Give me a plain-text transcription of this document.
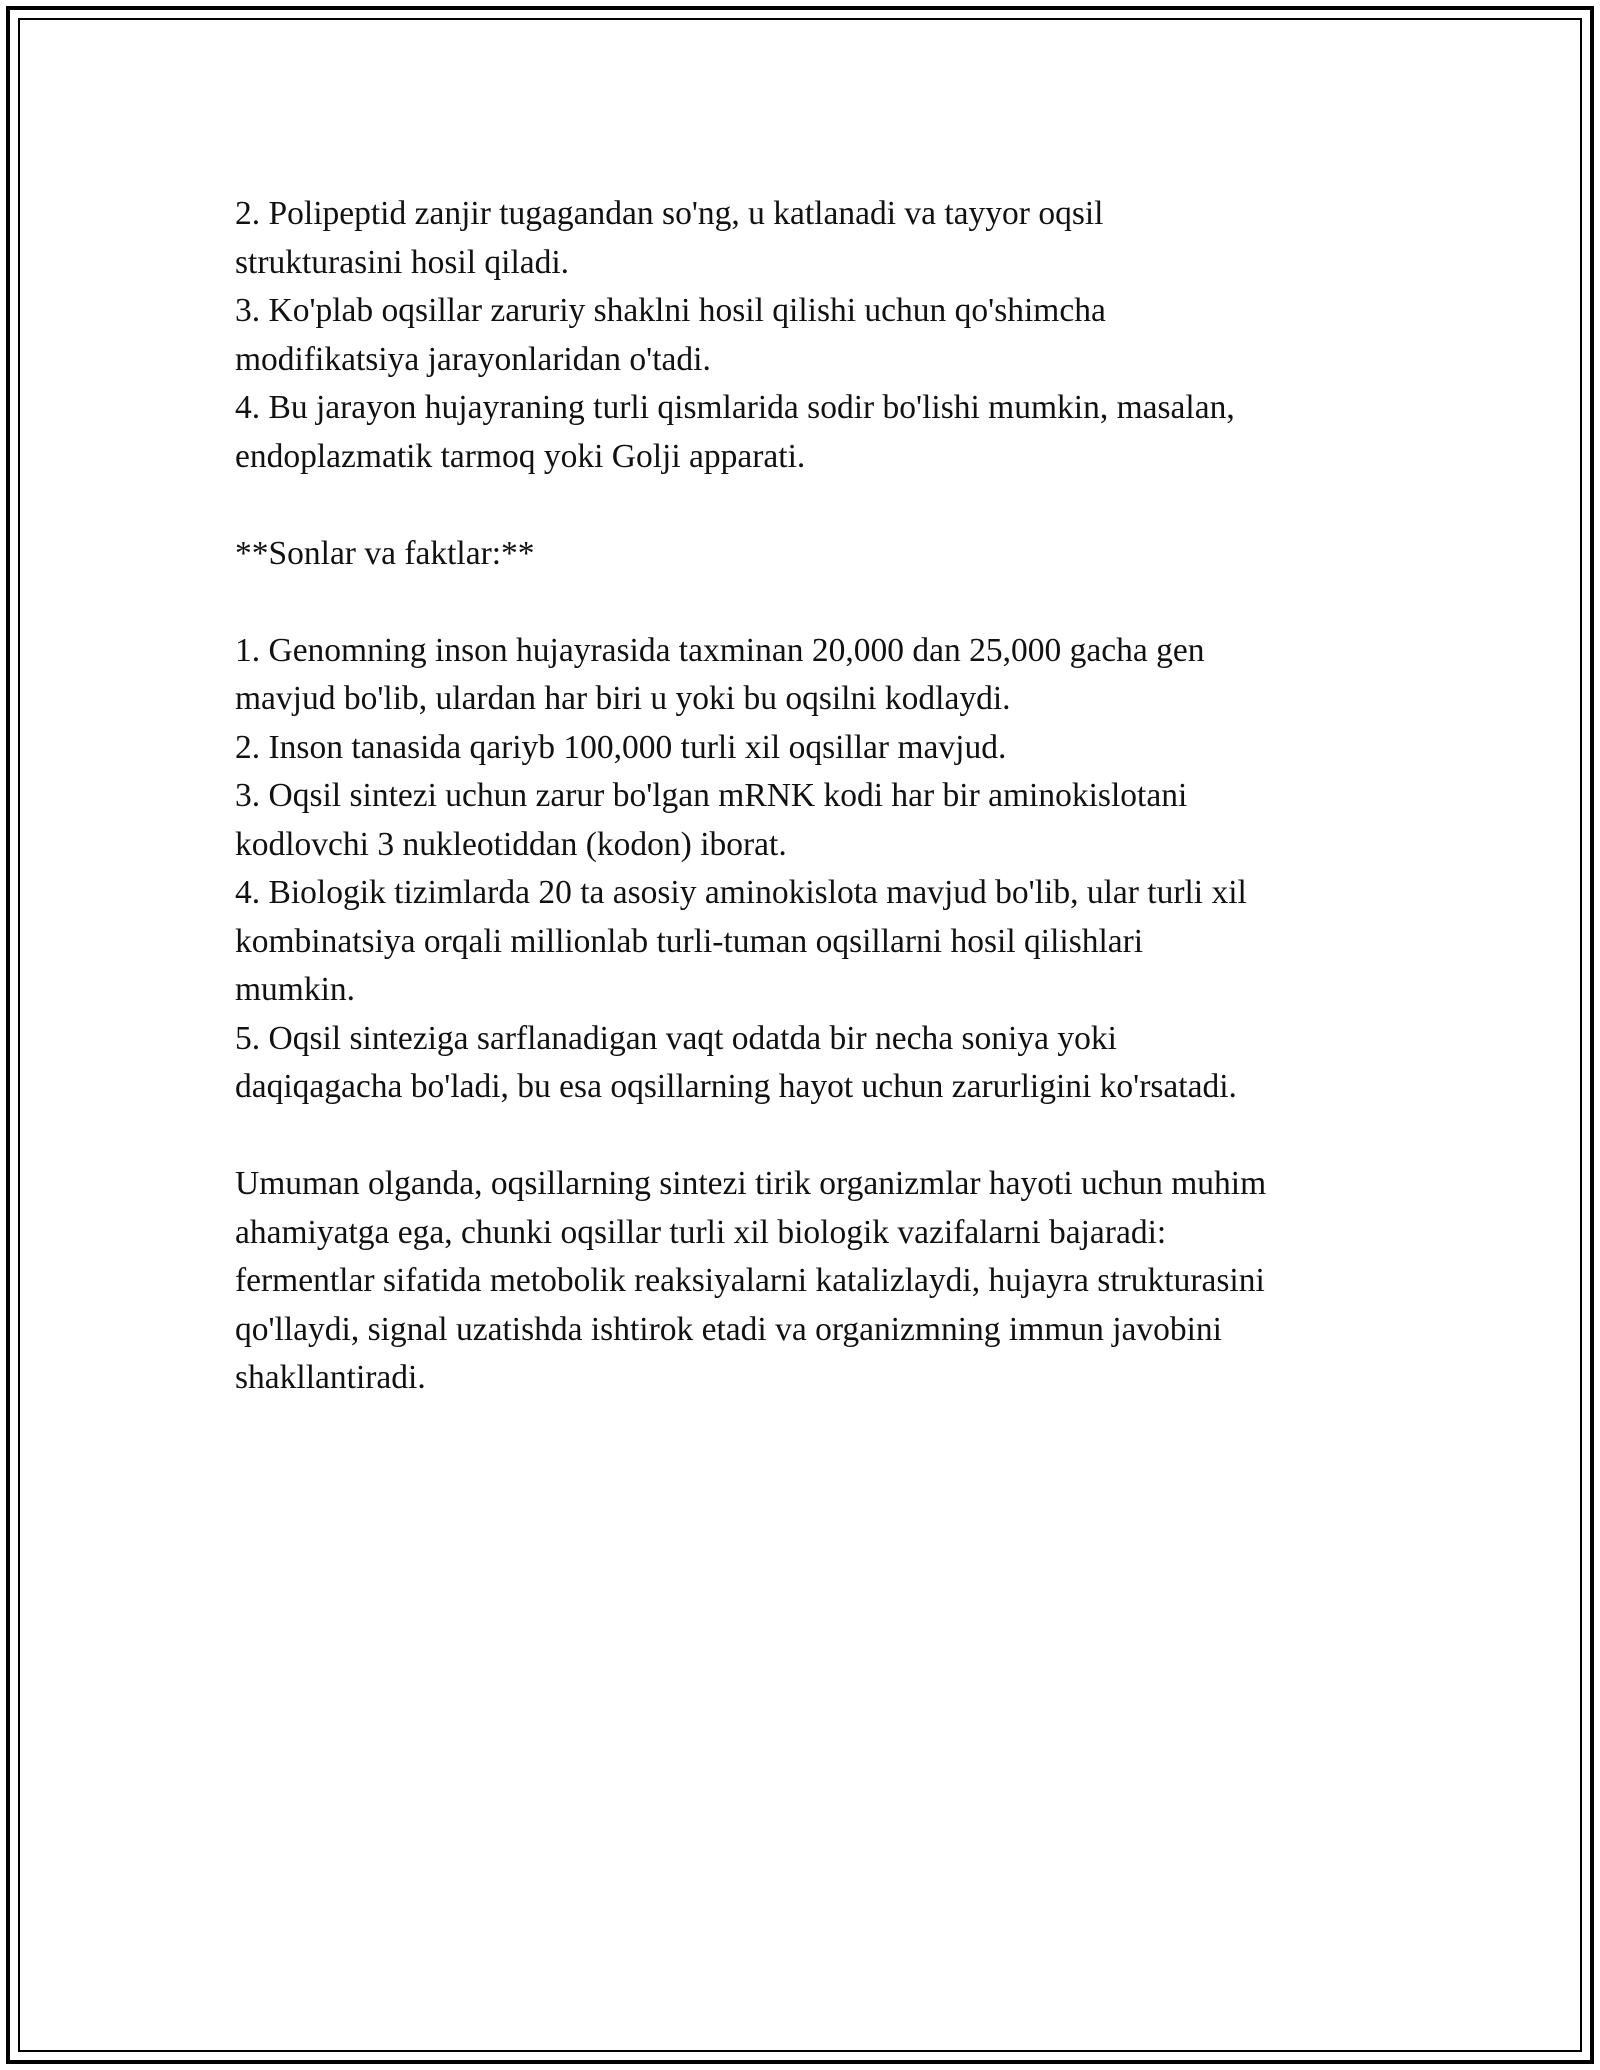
2. Polipeptid zanjir tugagandan so'ng, u katlanadi va tayyor oqsil

strukturasini hosil qiladi.

3. Ko'plab oqsillar zaruriy shaklni hosil qilishi uchun qo'shimcha

modifikatsiya jarayonlaridan o'tadi.

4. Bu jarayon hujayraning turli qismlarida sodir bo'lishi mumkin, masalan,

endoplazmatik tarmoq yoki Golji apparati.

**Sonlar va faktlar:**

1. Genomning inson hujayrasida taxminan 20,000 dan 25,000 gacha gen

mavjud bo'lib, ulardan har biri u yoki bu oqsilni kodlaydi.

2. Inson tanasida qariyb 100,000 turli xil oqsillar mavjud.

3. Oqsil sintezi uchun zarur bo'lgan mRNK kodi har bir aminokislotani

kodlovchi 3 nukleotiddan (kodon) iborat.

4. Biologik tizimlarda 20 ta asosiy aminokislota mavjud bo'lib, ular turli xil

kombinatsiya orqali millionlab turli-tuman oqsillarni hosil qilishlari

mumkin.

5. Oqsil sinteziga sarflanadigan vaqt odatda bir necha soniya yoki

daqiqagacha bo'ladi, bu esa oqsillarning hayot uchun zarurligini ko'rsatadi.

Umuman olganda, oqsillarning sintezi tirik organizmlar hayoti uchun muhim

ahamiyatga ega, chunki oqsillar turli xil biologik vazifalarni bajaradi:

fermentlar sifatida metobolik reaksiyalarni katalizlaydi, hujayra strukturasini

qo'llaydi, signal uzatishda ishtirok etadi va organizmning immun javobini

shakllantiradi.
